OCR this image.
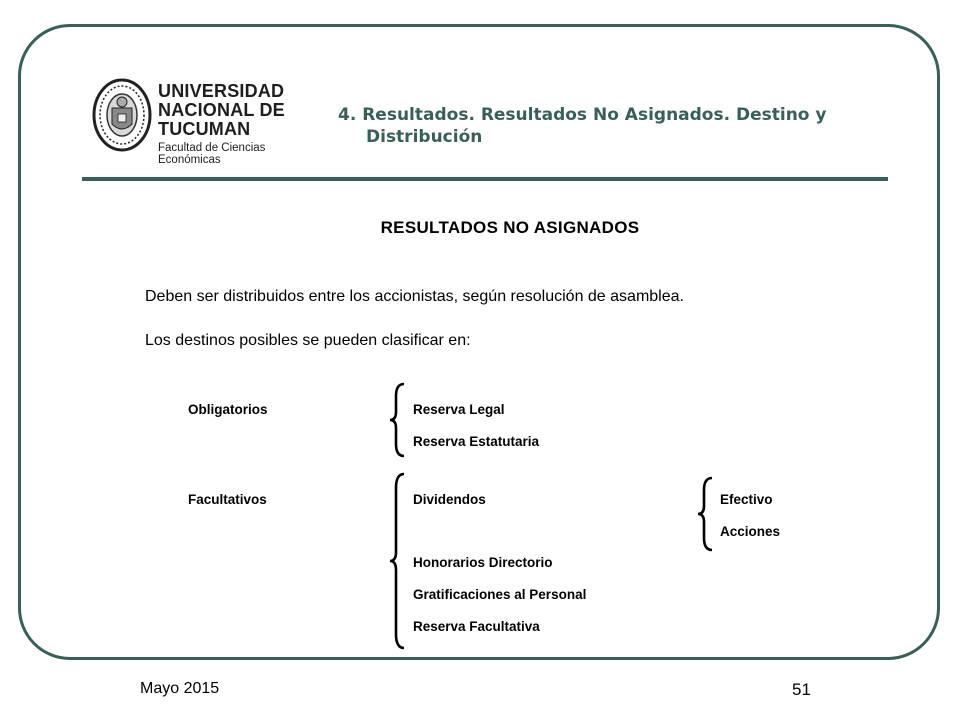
UNIVERSIDAD
NACIONAL DE
TUCUMAN
Facultad de Ciencias Económicas
4. Resultados. Resultados No Asignados. Destino y
Distribución
RESULTADOS NO ASIGNADOS
Deben ser distribuidos entre los accionistas, según resolución de asamblea.
Los destinos posibles se pueden clasificar en:
Obligatorios	Reserva Legal
Reserva Estatutaria
Facultativos	Dividendos
Honorarios Directorio
Gratificaciones al Personal
Reserva Facultativa
Efectivo
Acciones
Mayo 2015	51
